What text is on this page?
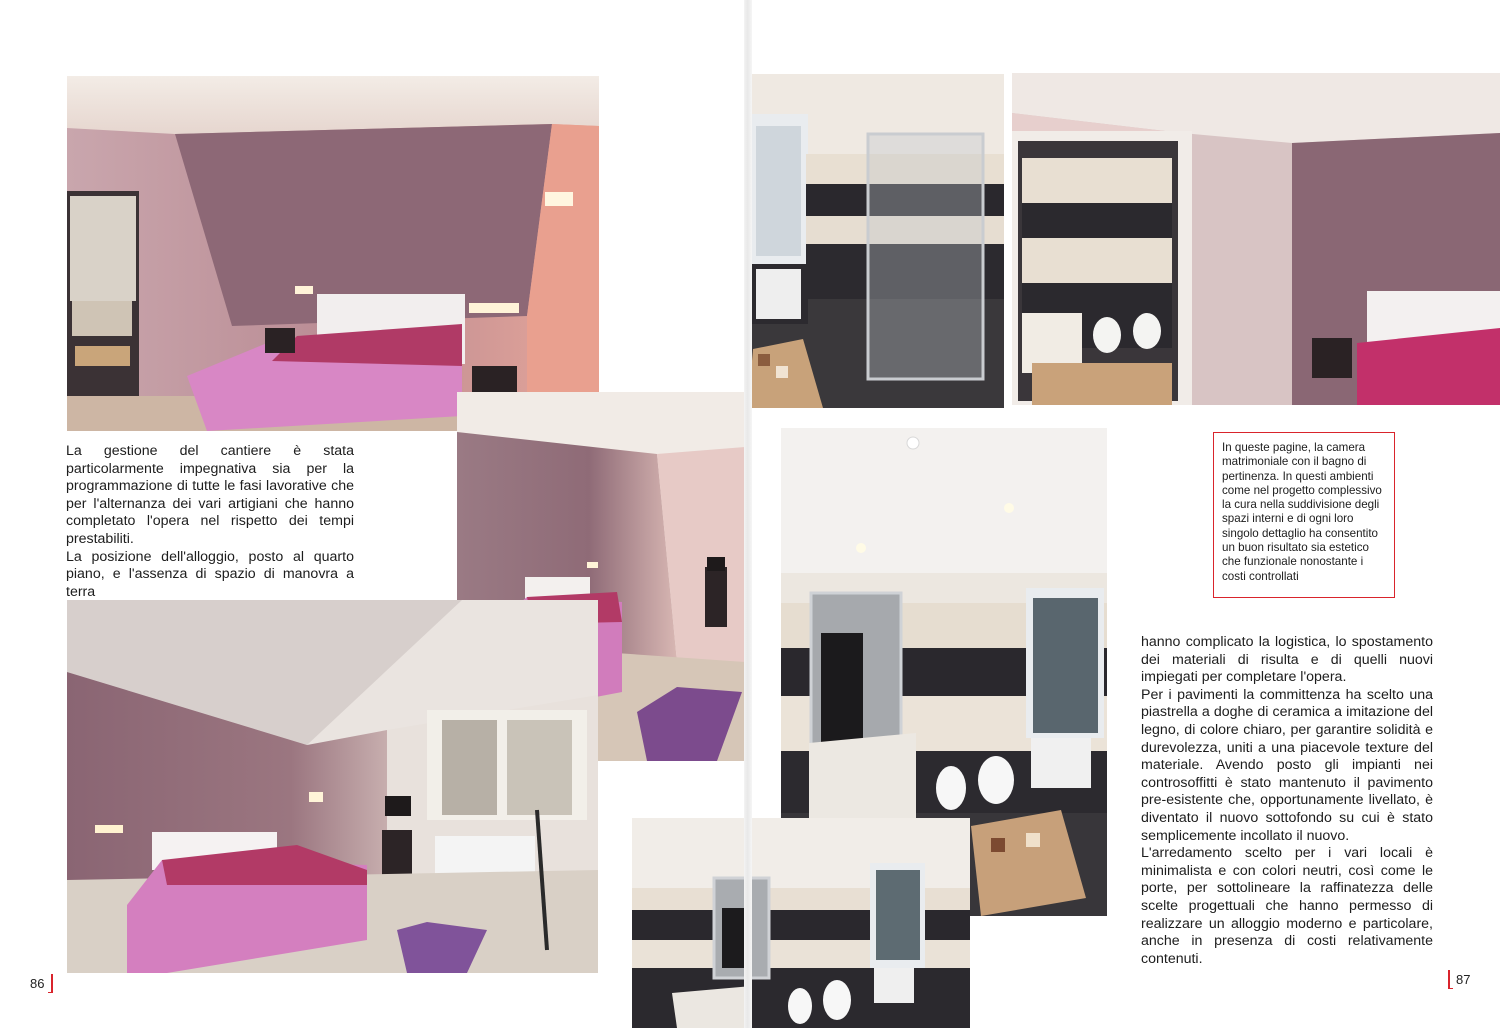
La gestione del cantiere è stata particolarmente impegnativa sia per la programmazione di tutte le fasi lavorative che per l'alternanza dei vari artigiani che hanno completato l'opera nel rispetto dei tempi prestabiliti.

La posizione dell'alloggio, posto al quarto piano, e l'assenza di spazio di manovra a terra

In queste pagine, la camera matrimoniale con il bagno di pertinenza. In questi ambienti come nel progetto complessivo la cura nella suddivisione degli spazi interni e di ogni loro singolo dettaglio ha consentito un buon risultato sia estetico che funzionale nonostante i costi controllati

hanno complicato la logistica, lo spostamento dei materiali di risulta e di quelli nuovi impiegati per completare l'opera.

Per i pavimenti la committenza ha scelto una piastrella a doghe di ceramica a imitazione del legno, di colore chiaro, per garantire solidità e durevolezza, uniti a una piacevole texture del materiale. Avendo posto gli impianti nei controsoffitti è stato mantenuto il pavimento pre-esistente che, opportunamente livellato, è diventato il nuovo sottofondo su cui è stato semplicemente incollato il nuovo.

L'arredamento scelto per i vari locali è minimalista e con colori neutri, così come le porte, per sottolineare la raffinatezza delle scelte progettuali che hanno permesso di realizzare un alloggio moderno e particolare, anche in presenza di costi relativamente contenuti.

86	87
